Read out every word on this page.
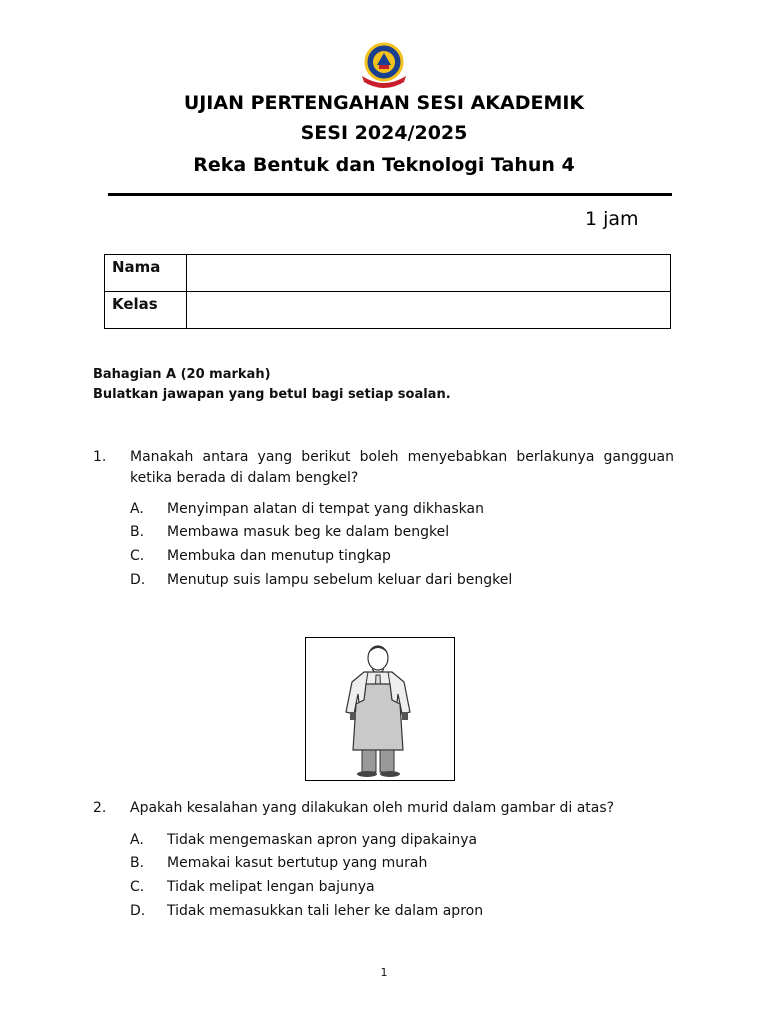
UJIAN PERTENGAHAN SESI AKADEMIK
SESI 2024/2025
Reka Bentuk dan Teknologi Tahun 4
1 jam
Nama	
Kelas	
Bahagian A (20 markah)
Bulatkan jawapan yang betul bagi setiap soalan.
1. Manakah antara yang berikut boleh menyebabkan berlakunya gangguan ketika berada di dalam bengkel?
A. Menyimpan alatan di tempat yang dikhaskan
B. Membawa masuk beg ke dalam bengkel
C. Membuka dan menutup tingkap
D. Menutup suis lampu sebelum keluar dari bengkel
2. Apakah kesalahan yang dilakukan oleh murid dalam gambar di atas?
A. Tidak mengemaskan apron yang dipakainya
B. Memakai kasut bertutup yang murah
C. Tidak melipat lengan bajunya
D. Tidak memasukkan tali leher ke dalam apron
1
